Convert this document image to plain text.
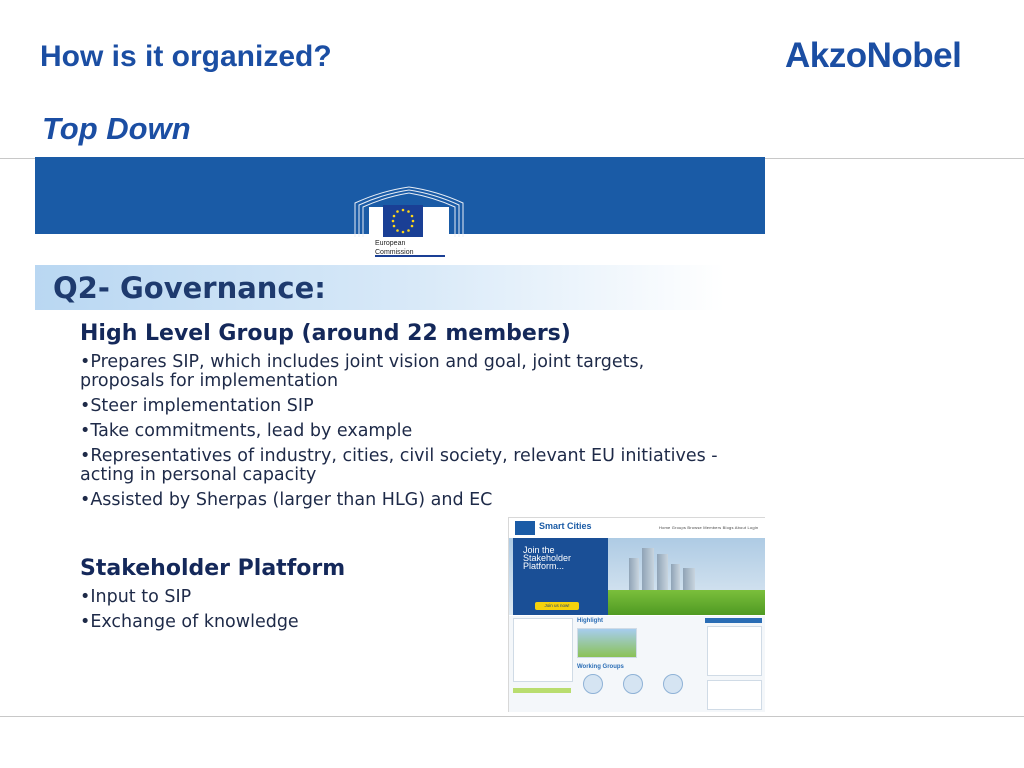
How is it organized?
Top Down
AkzoNobel
European
Commission
Q2- Governance:
High Level Group (around 22 members)
• Prepares SIP, which includes joint vision and goal, joint targets, proposals for implementation
• Steer implementation SIP
• Take commitments, lead by example
• Representatives of industry, cities, civil society, relevant EU initiatives - acting in personal capacity
• Assisted by Sherpas (larger than HLG) and EC
Stakeholder Platform
• Input to SIP
• Exchange of knowledge
Smart Cities	Home Groups Browse Members Blogs About Login
Join the Stakeholder Platform...
Join us now!
Highlight
Working Groups
